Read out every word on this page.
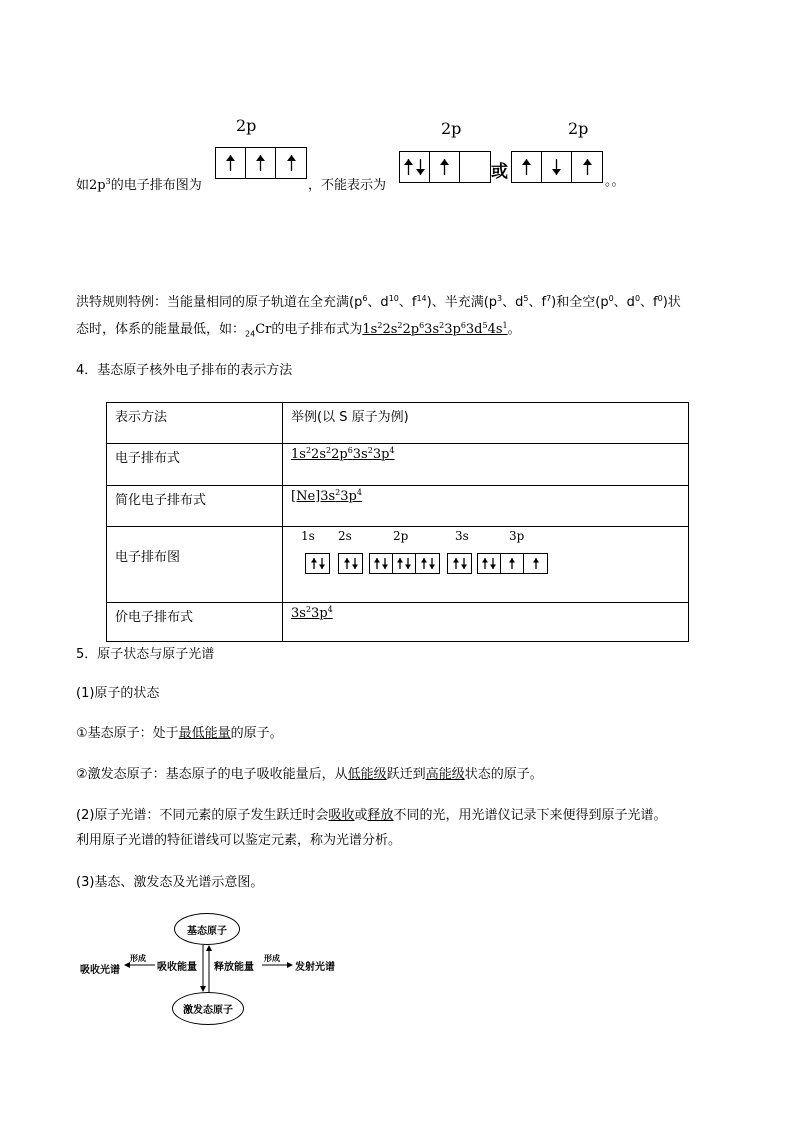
2p	2p	2p
如$2p^3$的电子排布图为	，不能表示为
或	。。
洪特规则特例：当能量相同的原子轨道在全充满($p^6$、$d^{10}$、$f^{14}$)、半充满($p^3$、$d^5$、$f^7$)和全空($p^0$、$d^0$、$f^0$)状
态时，体系的能量最低，如：$_{24}$Cr的电子排布式为$1s^22s^22p^63s^23p^63d^54s^1$。
4．基态原子核外电子排布的表示方法
表示方法	举例(以 S 原子为例)
电子排布式	$1s^22s^22p^63s^23p^4$
简化电子排布式	$[Ne]3s^23p^4$
电子排布图	1s 2s 2p 3s 3p

价电子排布式	$3s^23p^4$
5．原子状态与原子光谱
(1)原子的状态
①基态原子：处于最低能量的原子。
②激发态原子：基态原子的电子吸收能量后，从低能级跃迁到高能级状态的原子。
(2)原子光谱：不同元素的原子发生跃迁时会吸收或释放不同的光，用光谱仪记录下来便得到原子光谱。
利用原子光谱的特征谱线可以鉴定元素，称为光谱分析。
(3)基态、激发态及光谱示意图。
基态原子
激发态原子
吸收能量 释放能量
形成	形成
吸收光谱	发射光谱
